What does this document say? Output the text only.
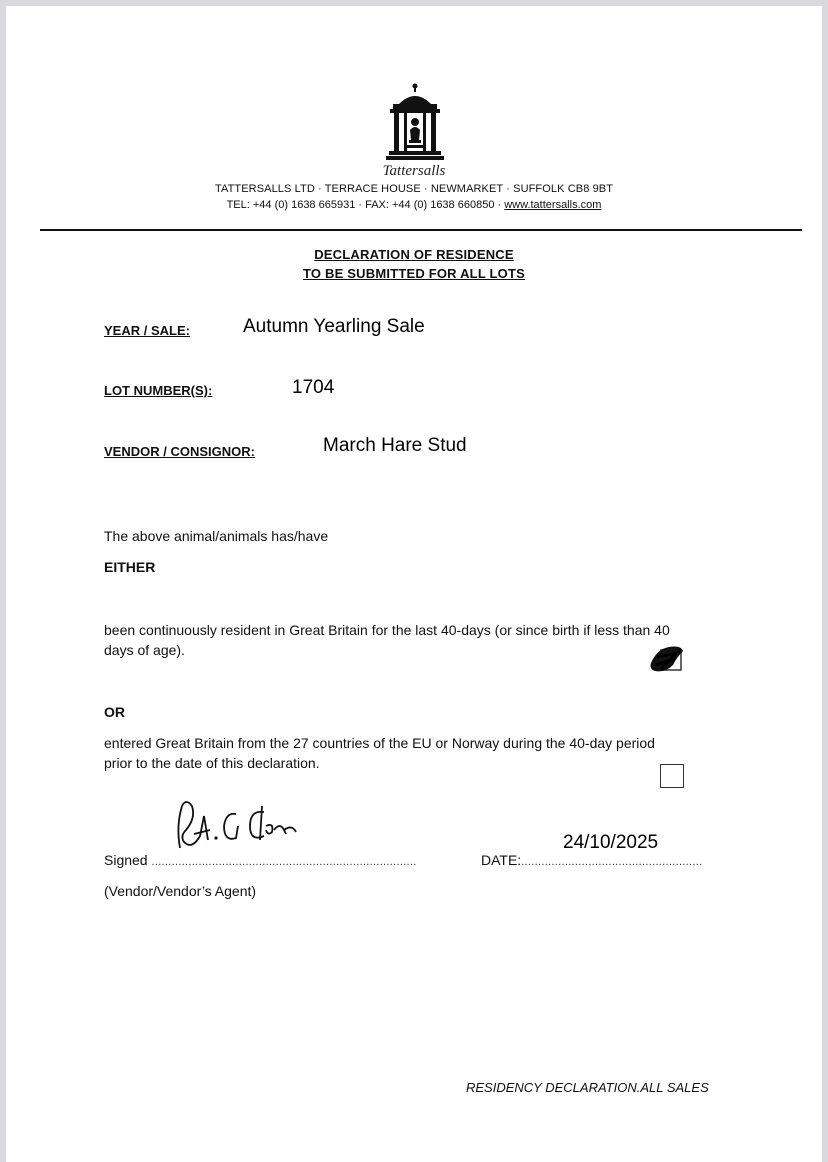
Tattersalls
TATTERSALLS LTD · TERRACE HOUSE · NEWMARKET · SUFFOLK CB8 9BT
TEL: +44 (0) 1638 665931 · FAX: +44 (0) 1638 660850 · www.tattersalls.com
DECLARATION OF RESIDENCE
TO BE SUBMITTED FOR ALL LOTS
YEAR / SALE:	Autumn Yearling Sale
LOT NUMBER(S):	1704
VENDOR / CONSIGNOR:	March Hare Stud
The above animal/animals has/have
EITHER
been continuously resident in Great Britain for the last 40-days (or since birth if less than 40
days of age).
OR
entered Great Britain from the 27 countries of the EU or Norway during the 40-day period
prior to the date of this declaration.
Signed ...............................................................................	DATE:......................................................
24/10/2025
(Vendor/Vendor’s Agent)
RESIDENCY DECLARATION.ALL SALES
